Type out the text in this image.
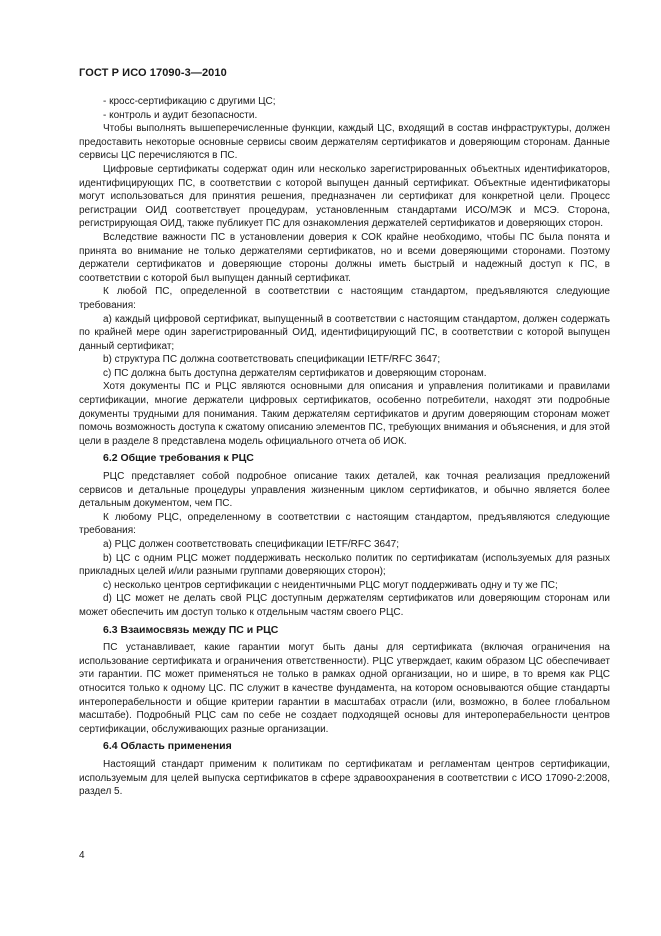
ГОСТ Р ИСО 17090-3—2010

- кросс-сертификацию с другими ЦС;

- контроль и аудит безопасности.

Чтобы выполнять вышеперечисленные функции, каждый ЦС, входящий в состав инфраструктуры, должен предоставить некоторые основные сервисы своим держателям сертификатов и доверяющим сторонам. Данные сервисы ЦС перечисляются в ПС.

Цифровые сертификаты содержат один или несколько зарегистрированных объектных идентификаторов, идентифицирующих ПС, в соответствии с которой выпущен данный сертификат. Объектные идентификаторы могут использоваться для принятия решения, предназначен ли сертификат для конкретной цели. Процесс регистрации ОИД соответствует процедурам, установленным стандартами ИСО/МЭК и МСЭ. Сторона, регистрирующая ОИД, также публикует ПС для ознакомления держателей сертификатов и доверяющих сторон.

Вследствие важности ПС в установлении доверия к СОК крайне необходимо, чтобы ПС была понята и принята во внимание не только держателями сертификатов, но и всеми доверяющими сторонами. Поэтому держатели сертификатов и доверяющие стороны должны иметь быстрый и надежный доступ к ПС, в соответствии с которой был выпущен данный сертификат.

К любой ПС, определенной в соответствии с настоящим стандартом, предъявляются следующие требования:

a) каждый цифровой сертификат, выпущенный в соответствии с настоящим стандартом, должен содержать по крайней мере один зарегистрированный ОИД, идентифицирующий ПС, в соответствии с которой выпущен данный сертификат;

b) структура ПС должна соответствовать спецификации IETF/RFC 3647;

c) ПС должна быть доступна держателям сертификатов и доверяющим сторонам.

Хотя документы ПС и РЦС являются основными для описания и управления политиками и правилами сертификации, многие держатели цифровых сертификатов, особенно потребители, находят эти подробные документы трудными для понимания. Таким держателям сертификатов и другим доверяющим сторонам может помочь возможность доступа к сжатому описанию элементов ПС, требующих внимания и объяснения, и для этой цели в разделе 8 представлена модель официального отчета об ИОК.

6.2 Общие требования к РЦС

РЦС представляет собой подробное описание таких деталей, как точная реализация предложений сервисов и детальные процедуры управления жизненным циклом сертификатов, и обычно является более детальным документом, чем ПС.

К любому РЦС, определенному в соответствии с настоящим стандартом, предъявляются следующие требования:

a) РЦС должен соответствовать спецификации IETF/RFC 3647;

b) ЦС с одним РЦС может поддерживать несколько политик по сертификатам (используемых для разных прикладных целей и/или разными группами доверяющих сторон);

c) несколько центров сертификации с неидентичными РЦС могут поддерживать одну и ту же ПС;

d) ЦС может не делать свой РЦС доступным держателям сертификатов или доверяющим сторонам или может обеспечить им доступ только к отдельным частям своего РЦС.

6.3 Взаимосвязь между ПС и РЦС

ПС устанавливает, какие гарантии могут быть даны для сертификата (включая ограничения на использование сертификата и ограничения ответственности). РЦС утверждает, каким образом ЦС обеспечивает эти гарантии. ПС может применяться не только в рамках одной организации, но и шире, в то время как РЦС относится только к одному ЦС. ПС служит в качестве фундамента, на котором основываются общие стандарты интероперабельности и общие критерии гарантии в масштабах отрасли (или, возможно, в более глобальном масштабе). Подробный РЦС сам по себе не создает подходящей основы для интероперабельности центров сертификации, обслуживающих разные организации.

6.4 Область применения

Настоящий стандарт применим к политикам по сертификатам и регламентам центров сертификации, используемым для целей выпуска сертификатов в сфере здравоохранения в соответствии с ИСО 17090-2:2008, раздел 5.

4
